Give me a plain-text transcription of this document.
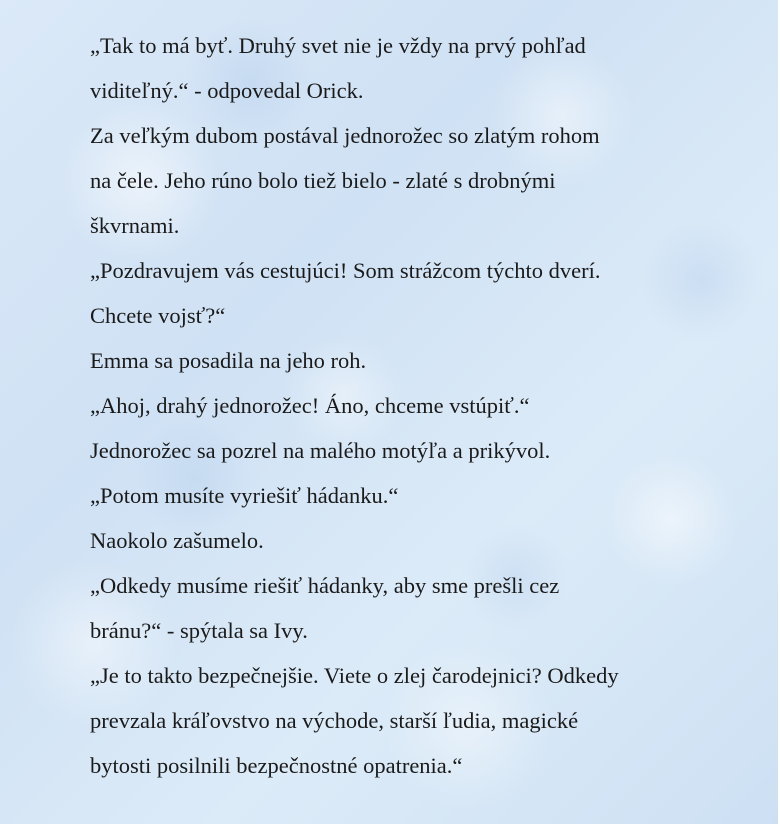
„Tak to má byť. Druhý svet nie je vždy na prvý pohľad
viditeľný.“ - odpovedal Orick.
Za veľkým dubom postával jednorožec so zlatým rohom
na čele. Jeho rúno bolo tiež bielo - zlaté s drobnými
škvrnami.
„Pozdravujem vás cestujúci! Som strážcom týchto dverí.
Chcete vojsť?“
Emma sa posadila na jeho roh.
„Ahoj, drahý jednorožec! Áno, chceme vstúpiť.“
Jednorožec sa pozrel na malého motýľa a prikývol.
„Potom musíte vyriešiť hádanku.“
Naokolo zašumelo.
„Odkedy musíme riešiť hádanky, aby sme prešli cez
bránu?“ - spýtala sa Ivy.
„Je to takto bezpečnejšie. Viete o zlej čarodejnici? Odkedy
prevzala kráľovstvo na východe, starší ľudia, magické
bytosti posilnili bezpečnostné opatrenia.“
